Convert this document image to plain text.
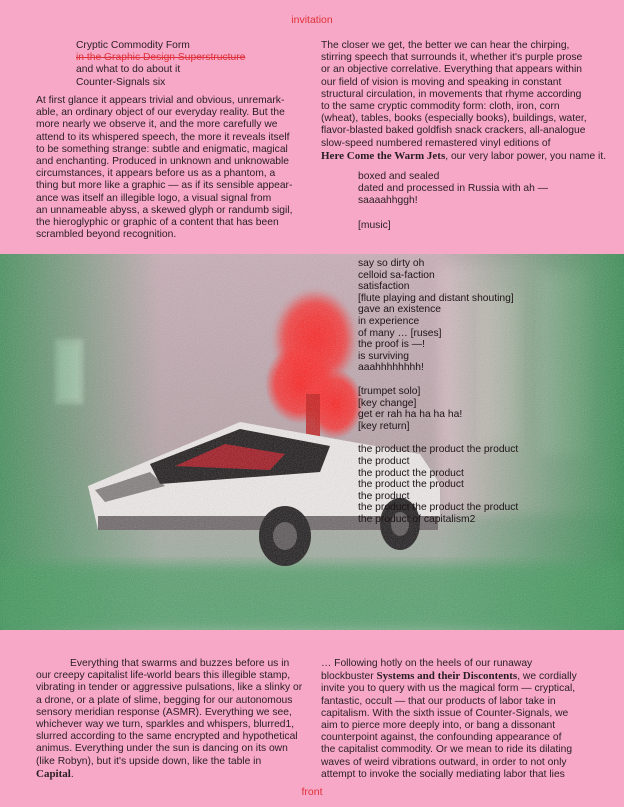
invitation
Cryptic Commodity Form
in the Graphic Design Superstructure
and what to do about it
Counter-Signals six
At first glance it appears trivial and obvious, unremark-
able, an ordinary object of our everyday reality. But the
more nearly we observe it, and the more carefully we
attend to its whispered speech, the more it reveals itself
to be something strange: subtle and enigmatic, magical
and enchanting. Produced in unknown and unknowable
circumstances, it appears before us as a phantom, a
thing but more like a graphic — as if its sensible appear-
ance was itself an illegible logo, a visual signal from
an unnameable abyss, a skewed glyph or randumb sigil,
the hieroglyphic or graphic of a content that has been
scrambled beyond recognition.
The closer we get, the better we can hear the chirping,
stirring speech that surrounds it, whether it's purple prose
or an objective correlative. Everything that appears within
our field of vision is moving and speaking in constant
structural circulation, in movements that rhyme according
to the same cryptic commodity form: cloth, iron, corn
(wheat), tables, books (especially books), buildings, water,
flavor-blasted baked goldfish snack crackers, all-analogue
slow-speed numbered remastered vinyl editions of
Here Come the Warm Jets, our very labor power, you name it.
boxed and sealed
dated and processed in Russia with ah —
saaaahhggh!
[music]
say so dirty oh
celloid sa-faction
satisfaction
[flute playing and distant shouting]
gave an existence
in experience
of many … [ruses]
the proof is —!
is surviving
aaahhhhhhhh!
[trumpet solo]
[key change]
get er rah ha ha ha ha!
[key return]
the product the product the product
the product
the product the product
the product the product
the product
the product the product the product
the product of capitalism2
Everything that swarms and buzzes before us in
our creepy capitalist life-world bears this illegible stamp,
vibrating in tender or aggressive pulsations, like a slinky or
a drone, or a plate of slime, begging for our autonomous
sensory meridian response (ASMR). Everything we see,
whichever way we turn, sparkles and whispers, blurred1,
slurred according to the same encrypted and hypothetical
animus. Everything under the sun is dancing on its own
(like Robyn), but it's upside down, like the table in
Capital.
… Following hotly on the heels of our runaway
blockbuster Systems and their Discontents, we cordially
invite you to query with us the magical form — cryptical,
fantastic, occult — that our products of labor take in
capitalism. With the sixth issue of Counter-Signals, we
aim to pierce more deeply into, or bang a dissonant
counterpoint against, the confounding appearance of
the capitalist commodity. Or we mean to ride its dilating
waves of weird vibrations outward, in order to not only
attempt to invoke the socially mediating labor that lies
front
